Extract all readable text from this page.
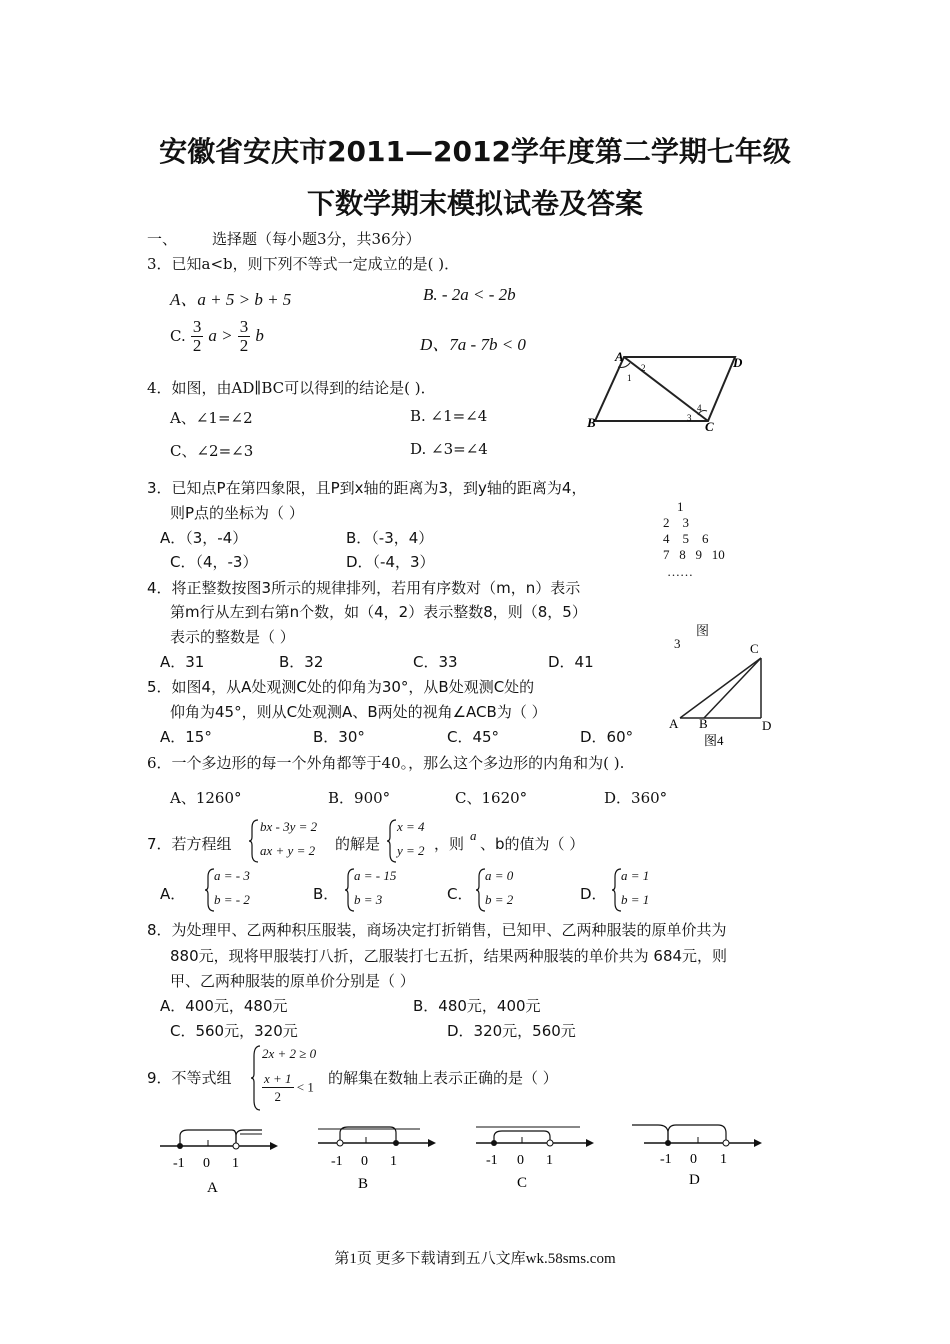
安徽省安庆市2011—2012学年度第二学期七年级
下数学期末模拟试卷及答案
一、 选择题（每小题3分，共36分）
3．已知a<b，则下列不等式一定成立的是( )．
A、a + 5 > b + 5	B. - 2a < - 2b
C. $\frac{3}{2}$ $a > \frac{3}{2}$ b	D、7a - 7b < 0
4．如图，由AD∥BC可以得到的结论是( )．
A、∠1=∠2	B. ∠1=∠4
C、∠2=∠3	D. ∠3=∠4
A	D
B	C
1
2
3
4
3．已知点P在第四象限，且P到x轴的距离为3，到y轴的距离为4，
则P点的坐标为（ ）
A．（3，-4）	B．（-3，4）
C．（4，-3）	D．（-4，3）
1
2    3
4    5    6
7   8   9   10
……
图
3
4．将正整数按图3所示的规律排列，若用有序数对（m，n）表示
第m行从左到右第n个数，如（4，2）表示整数8，则（8，5）
表示的整数是（ ）
A．31	B．32	C．33	D．41
5．如图4，从A处观测C处的仰角为30°，从B处观测C处的
仰角为45°，则从C处观测A、B两处的视角∠ACB为（ ）
A．15°	B．30°	C．45°	D．60°
C
A B	D
图4
6．一个多边形的每一个外角都等于40。，那么这个多边形的内角和为( ).
A、1260°	B．900°	C、1620°	D．360°
7．若方程组
bx - 3y = 2
ax + y = 2 的解是
x = 4
y = 2 ，则 a 、b的值为（ ）
A．
a = - 3
b = - 2	B．
a = - 15
b = 3	C．
a = 0
b = 2	D．
a = 1
b = 1
8．为处理甲、乙两种积压服装，商场决定打折销售，已知甲、乙两种服装的原单价共为
880元，现将甲服装打八折，乙服装打七五折，结果两种服装的单价共为 684元，则
甲、乙两种服装的原单价分别是（ ）
A．400元，480元	B．480元，400元
C．560元，320元	D．320元，560元
9．不等式组
2x + 2 ≥ 0
$\frac{x + 1}{2} < 1$ 的解集在数轴上表示正确的是（ ）
-1 0 1
A
-1 0 1
B
-1 0 1
C
-1 0 1
D
第1页 更多下载请到五八文库wk.58sms.com
